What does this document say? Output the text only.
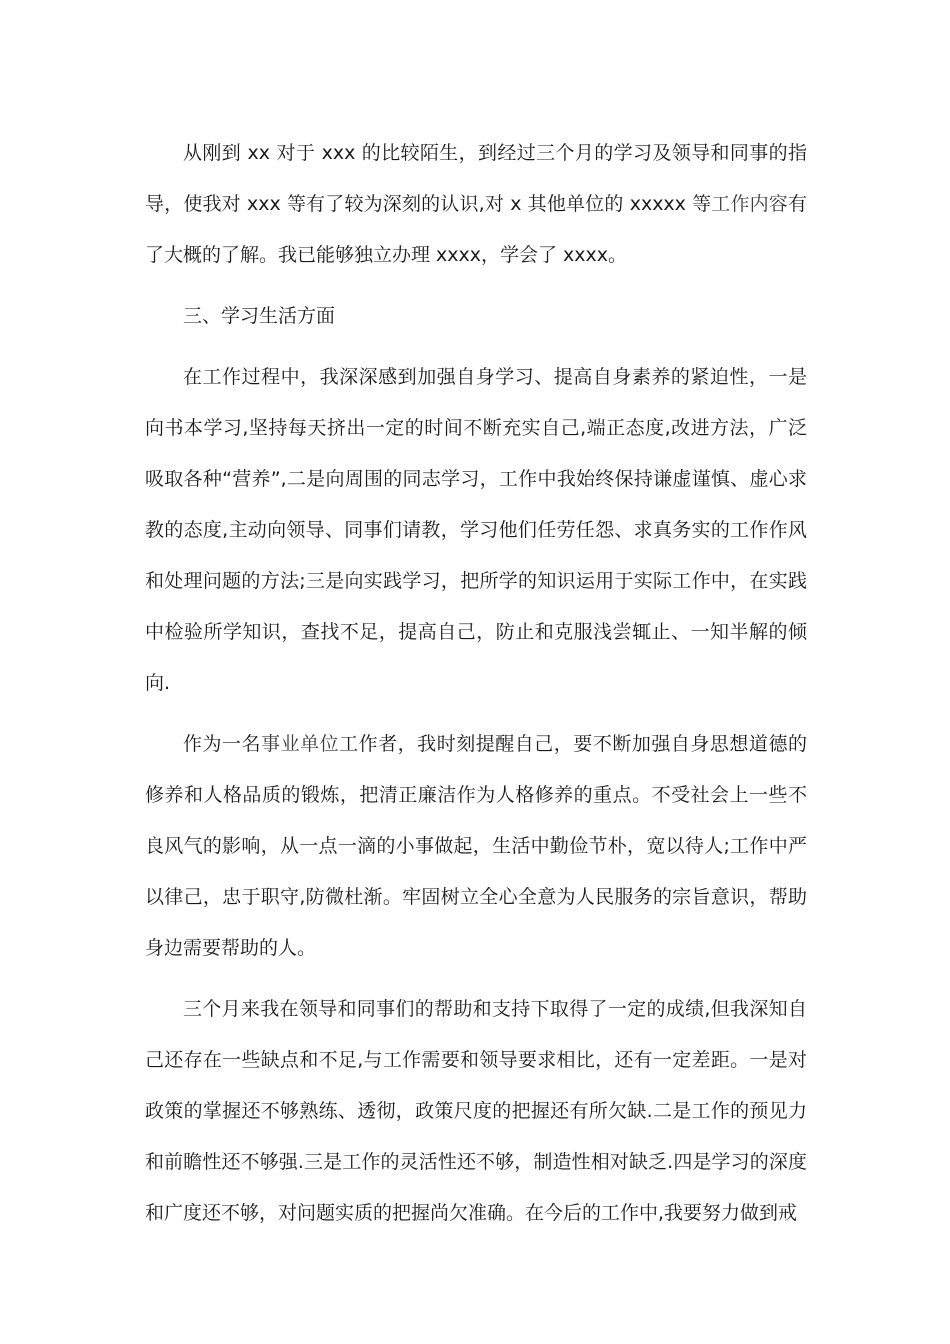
从刚到 xx 对于 xxx 的比较陌生，到经过三个月的学习及领导和同事的指导，使我对 xxx 等有了较为深刻的认识,对 x 其他单位的 xxxxx 等工作内容有了大概的了解。我已能够独立办理 xxxx，学会了 xxxx。

三、学习生活方面

在工作过程中，我深深感到加强自身学习、提高自身素养的紧迫性，一是向书本学习,坚持每天挤出一定的时间不断充实自己,端正态度,改进方法，广泛吸取各种“营养”,二是向周围的同志学习，工作中我始终保持谦虚谨慎、虚心求教的态度,主动向领导、同事们请教，学习他们任劳任怨、求真务实的工作作风和处理问题的方法;三是向实践学习，把所学的知识运用于实际工作中，在实践中检验所学知识，查找不足，提高自己，防止和克服浅尝辄止、一知半解的倾向.

作为一名事业单位工作者，我时刻提醒自己，要不断加强自身思想道德的修养和人格品质的锻炼，把清正廉洁作为人格修养的重点。不受社会上一些不良风气的影响，从一点一滴的小事做起，生活中勤俭节朴，宽以待人;工作中严以律己，忠于职守,防微杜渐。牢固树立全心全意为人民服务的宗旨意识，帮助身边需要帮助的人。

三个月来我在领导和同事们的帮助和支持下取得了一定的成绩,但我深知自己还存在一些缺点和不足,与工作需要和领导要求相比，还有一定差距。一是对政策的掌握还不够熟练、透彻，政策尺度的把握还有所欠缺.二是工作的预见力和前瞻性还不够强.三是工作的灵活性还不够，制造性相对缺乏.四是学习的深度和广度还不够，对问题实质的把握尚欠准确。在今后的工作中,我要努力做到戒
